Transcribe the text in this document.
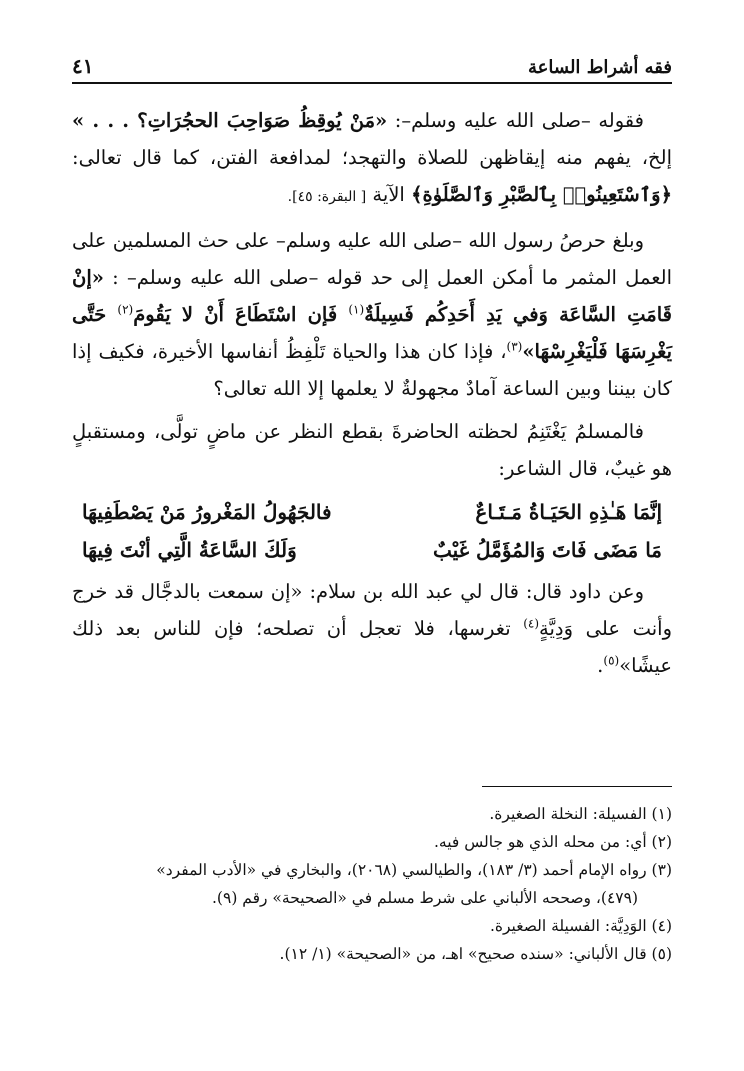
فقه أشراط الساعة
٤١

فقوله –صلى الله عليه وسلم–: «مَنْ يُوقِظُ صَوَاحِبَ الحجُرَاتِ؟ . . . » إلخ، يفهم منه إيقاظهن للصلاة والتهجد؛ لمدافعة الفتن، كما قال تعالى: ﴿وَٱسْتَعِينُوا۟ بِٱلصَّبْرِ وَٱلصَّلَوٰةِ﴾ الآية [ البقرة: ٤٥].

وبلغ حرصُ رسول الله –صلى الله عليه وسلم– على حث المسلمين على العمل المثمر ما أمكن العمل إلى حد قوله –صلى الله عليه وسلم– : «إنْ قَامَتِ السَّاعَة وَفي يَدِ أَحَدِكُم فَسِيلَةٌ$^{(١)}$ فَإن اسْتَطَاعَ أَنْ لا يَقُومَ$^{(٢)}$ حَتَّى يَغْرِسَهَا فَلْيَغْرِسْهَا»$^{(٣)}$، فإذا كان هذا والحياة تَلْفِظُ أنفاسها الأخيرة، فكيف إذا كان بيننا وبين الساعة آمادٌ مجهولةٌ لا يعلمها إلا الله تعالى؟

فالمسلمُ يَغْتَنِمُ لحظته الحاضرةَ بقطع النظر عن ماضٍ تولَّى، ومستقبلٍ هو غيبٌ، قال الشاعر:

إنَّمَا هَـٰذِهِ الحَيَـاةُ مَـتَـاعٌ
فالجَهُولُ المَغْرورُ مَنْ يَصْطَفِيهَا
مَا مَضَى فَاتَ وَالمُؤَمَّلُ غَيْبٌ
وَلَكَ السَّاعَةُ الَّتِي أنْتَ فِيهَا

وعن داود قال: قال لي عبد الله بن سلام: «إن سمعت بالدجَّال قد خرج وأنت على وَدِيَّةٍ$^{(٤)}$ تغرسها، فلا تعجل أن تصلحه؛ فإن للناس بعد ذلك عيشًا»$^{(٥)}$.

(١) الفسيلة: النخلة الصغيرة.
(٢) أي: من محله الذي هو جالس فيه.
(٣) رواه الإمام أحمد (٣/ ١٨٣)، والطيالسي (٢٠٦٨)، والبخاري في «الأدب المفرد»
(٤٧٩)، وصححه الألباني على شرط مسلم في «الصحيحة» رقم (٩).
(٤) الوَدِيَّة: الفسيلة الصغيرة.
(٥) قال الألباني: «سنده صحيح» اهـ، من «الصحيحة» (١/ ١٢).
